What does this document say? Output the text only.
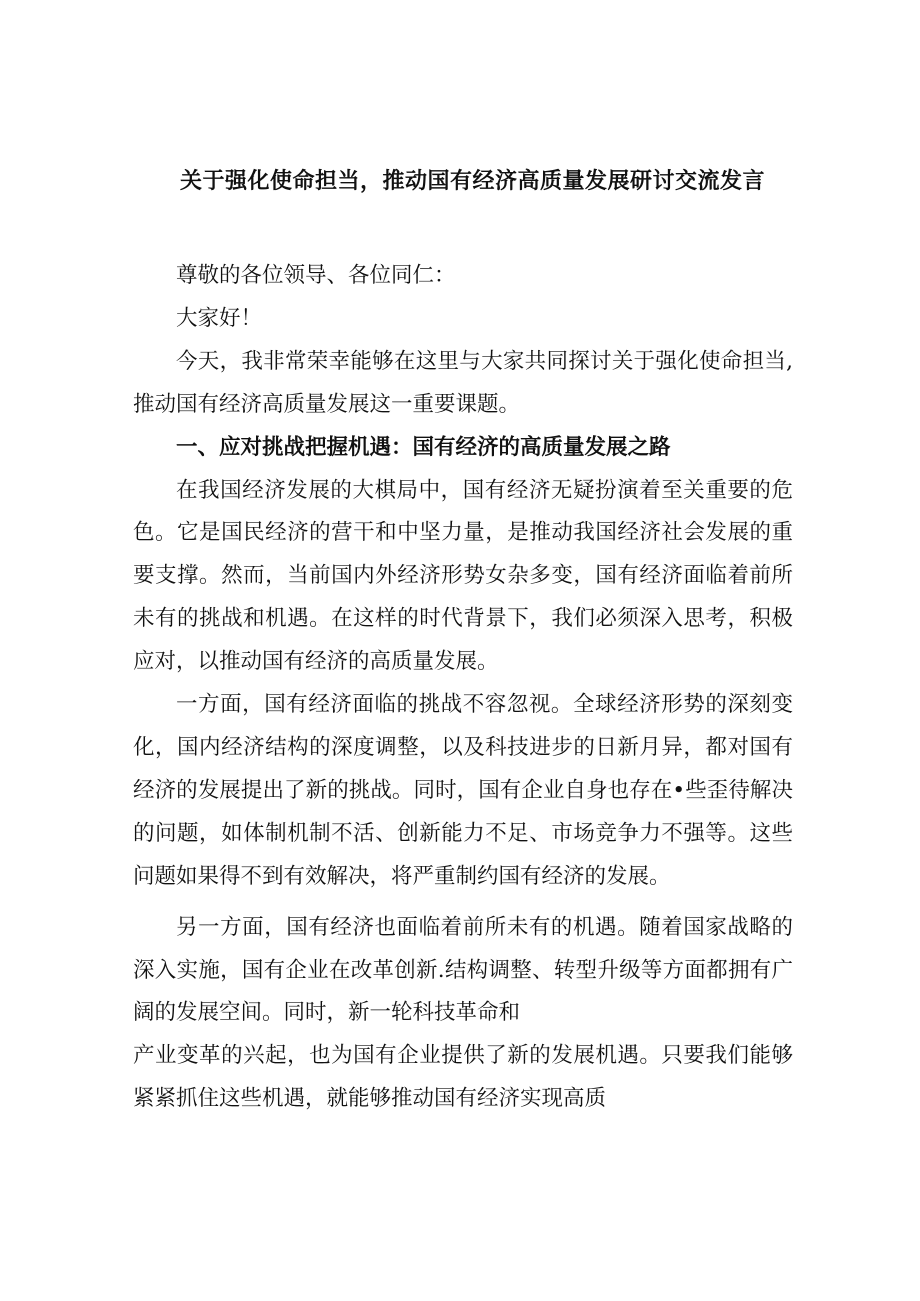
关于强化使命担当，推动国有经济高质量发展研讨交流发言

尊敬的各位领导、各位同仁：

大家好！

今天，我非常荣幸能够在这里与大家共同探讨关于强化使命担当,推动国有经济高质量发展这一重要课题。

一、应对挑战把握机遇：国有经济的高质量发展之路

在我国经济发展的大棋局中，国有经济无疑扮演着至关重要的危色。它是国民经济的营干和中坚力量，是推动我国经济社会发展的重要支撑。然而，当前国内外经济形势女杂多变，国有经济面临着前所未有的挑战和机遇。在这样的时代背景下，我们必须深入思考，积极应对，以推动国有经济的高质量发展。

一方面，国有经济面临的挑战不容忽视。全球经济形势的深刻变化，国内经济结构的深度调整，以及科技进步的日新月异，都对国有经济的发展提出了新的挑战。同时，国有企业自身也存在•些歪待解决的问题，如体制机制不活、创新能力不足、市场竞争力不强等。这些问题如果得不到有效解决，将严重制约国有经济的发展。

另一方面，国有经济也面临着前所未有的机遇。随着国家战略的深入实施，国有企业在改革创新.结构调整、转型升级等方面都拥有广阔的发展空间。同时，新一轮科技革命和

产业变革的兴起，也为国有企业提供了新的发展机遇。只要我们能够紧紧抓住这些机遇，就能够推动国有经济实现高质
